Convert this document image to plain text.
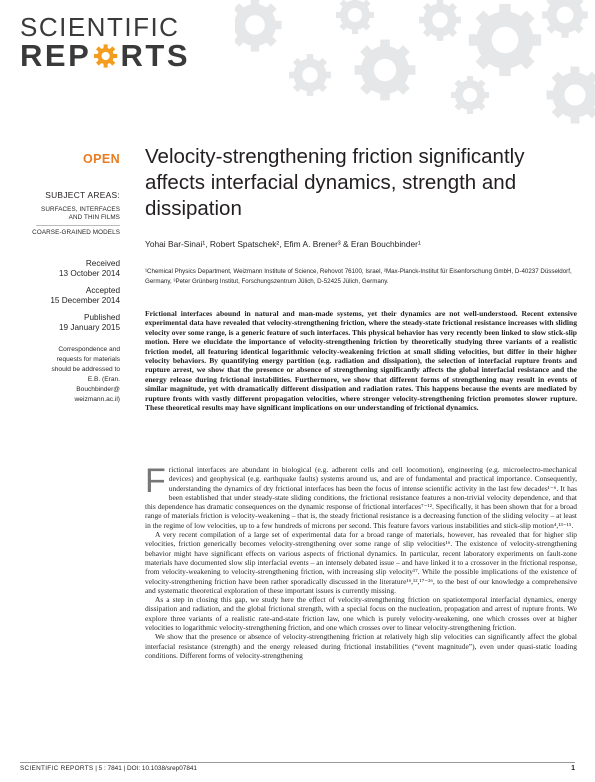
SCIENTIFIC
REP RTS
OPEN
SUBJECT AREAS:
SURFACES, INTERFACES
AND THIN FILMS
COARSE-GRAINED MODELS
Received
13 October 2014
Accepted
15 December 2014
Published
19 January 2015
Correspondence and
requests for materials
should be addressed to
E.B. (Eran.
Bouchbinder@
weizmann.ac.il)
Velocity-strengthening friction significantly affects interfacial dynamics, strength and dissipation
Yohai Bar-Sinai¹, Robert Spatschek², Efim A. Brener³ & Eran Bouchbinder¹
¹Chemical Physics Department, Weizmann Institute of Science, Rehovot 76100, Israel, ²Max-Planck-Institut für Eisenforschung GmbH, D-40237 Düsseldorf, Germany, ³Peter Grünberg Institut, Forschungszentrum Jülich, D-52425 Jülich, Germany.
Frictional interfaces abound in natural and man-made systems, yet their dynamics are not well-understood. Recent extensive experimental data have revealed that velocity-strengthening friction, where the steady-state frictional resistance increases with sliding velocity over some range, is a generic feature of such interfaces. This physical behavior has very recently been linked to slow stick-slip motion. Here we elucidate the importance of velocity-strengthening friction by theoretically studying three variants of a realistic friction model, all featuring identical logarithmic velocity-weakening friction at small sliding velocities, but differ in their higher velocity behaviors. By quantifying energy partition (e.g. radiation and dissipation), the selection of interfacial rupture fronts and rupture arrest, we show that the presence or absence of strengthening significantly affects the global interfacial resistance and the energy release during frictional instabilities. Furthermore, we show that different forms of strengthening may result in events of similar magnitude, yet with dramatically different dissipation and radiation rates. This happens because the events are mediated by rupture fronts with vastly different propagation velocities, where stronger velocity-strengthening friction promotes slower rupture. These theoretical results may have significant implications on our understanding of frictional dynamics.

Frictional interfaces are abundant in biological (e.g. adherent cells and cell locomotion), engineering (e.g. microelectro-mechanical devices) and geophysical (e.g. earthquake faults) systems around us, and are of fundamental and practical importance. Consequently, understanding the dynamics of dry frictional interfaces has been the focus of intense scientific activity in the last few decades¹⁻⁶. It has been established that under steady-state sliding conditions, the frictional resistance features a non-trivial velocity dependence, and that this dependence has dramatic consequences on the dynamic response of frictional interfaces⁷⁻¹². Specifically, it has been shown that for a broad range of materials friction is velocity-weakening – that is, the steady frictional resistance is a decreasing function of the sliding velocity – at least in the regime of low velocities, up to a few hundreds of microns per second. This feature favors various instabilities and stick-slip motion⁴,¹³⁻¹⁵.

A very recent compilation of a large set of experimental data for a broad range of materials, however, has revealed that for higher slip velocities, friction generically becomes velocity-strengthening over some range of slip velocities¹⁶. The existence of velocity-strengthening behavior might have significant effects on various aspects of frictional dynamics. In particular, recent laboratory experiments on fault-zone materials have documented slow slip interfacial events – an intensely debated issue – and have linked it to a crossover in the frictional response, from velocity-weakening to velocity-strengthening friction, with increasing slip velocity¹⁷. While the possible implications of the existence of velocity-strengthening friction have been rather sporadically discussed in the literature¹⁶,¹²,¹⁷⁻²⁶, to the best of our knowledge a comprehensive and systematic theoretical exploration of these important issues is currently missing.

As a step in closing this gap, we study here the effect of velocity-strengthening friction on spatiotemporal interfacial dynamics, energy dissipation and radiation, and the global frictional strength, with a special focus on the nucleation, propagation and arrest of rupture fronts. We explore three variants of a realistic rate-and-state friction law, one which is purely velocity-weakening, one which crosses over at higher velocities to logarithmic velocity-strengthening friction, and one which crosses over to linear velocity-strengthening friction.

We show that the presence or absence of velocity-strengthening friction at relatively high slip velocities can significantly affect the global interfacial resistance (strength) and the energy released during frictional instabilities (“event magnitude”), even under quasi-static loading conditions. Different forms of velocity-strengthening

SCIENTIFIC REPORTS | 5 : 7841 | DOI: 10.1038/srep07841	1
